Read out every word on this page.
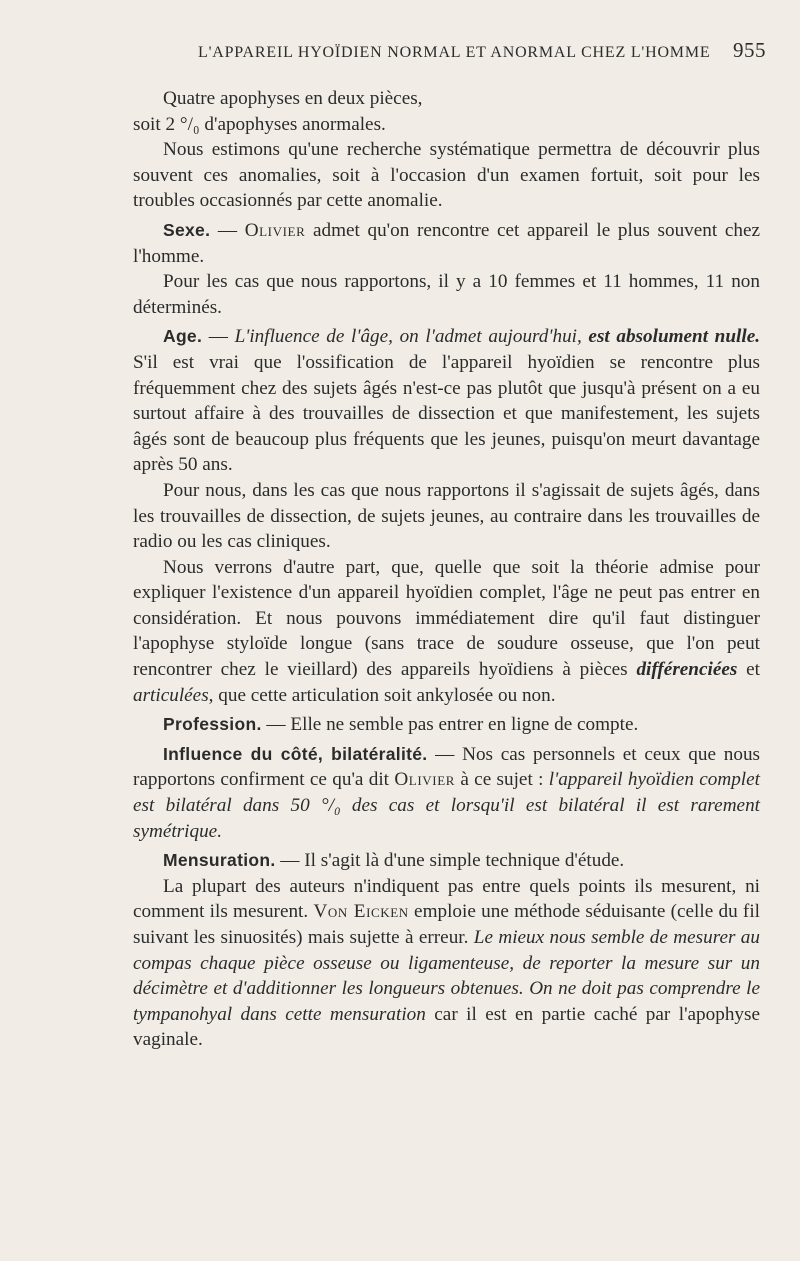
L'APPAREIL HYOÏDIEN NORMAL ET ANORMAL CHEZ L'HOMME 955

Quatre apophyses en deux pièces,

soit 2 °/₀ d'apophyses anormales.

Nous estimons qu'une recherche systématique permettra de découvrir plus souvent ces anomalies, soit à l'occasion d'un examen fortuit, soit pour les troubles occasionnés par cette anomalie.

Sexe. — Olivier admet qu'on rencontre cet appareil le plus souvent chez l'homme.

Pour les cas que nous rapportons, il y a 10 femmes et 11 hommes, 11 non déterminés.

Age. — L'influence de l'âge, on l'admet aujourd'hui, est absolument nulle. S'il est vrai que l'ossification de l'appareil hyoïdien se rencontre plus fréquemment chez des sujets âgés n'est-ce pas plutôt que jusqu'à présent on a eu surtout affaire à des trouvailles de dissection et que manifestement, les sujets âgés sont de beaucoup plus fréquents que les jeunes, puisqu'on meurt davantage après 50 ans.

Pour nous, dans les cas que nous rapportons il s'agissait de sujets âgés, dans les trouvailles de dissection, de sujets jeunes, au contraire dans les trouvailles de radio ou les cas cliniques.

Nous verrons d'autre part, que, quelle que soit la théorie admise pour expliquer l'existence d'un appareil hyoïdien complet, l'âge ne peut pas entrer en considération. Et nous pouvons immédiatement dire qu'il faut distinguer l'apophyse styloïde longue (sans trace de soudure osseuse, que l'on peut rencontrer chez le vieillard) des appareils hyoïdiens à pièces différenciées et articulées, que cette articulation soit ankylosée ou non.

Profession. — Elle ne semble pas entrer en ligne de compte.

Influence du côté, bilatéralité. — Nos cas personnels et ceux que nous rapportons confirment ce qu'a dit Olivier à ce sujet : l'appareil hyoïdien complet est bilatéral dans 50 °/₀ des cas et lorsqu'il est bilatéral il est rarement symétrique.

Mensuration. — Il s'agit là d'une simple technique d'étude.

La plupart des auteurs n'indiquent pas entre quels points ils mesurent, ni comment ils mesurent. Von Eicken emploie une méthode séduisante (celle du fil suivant les sinuosités) mais sujette à erreur. Le mieux nous semble de mesurer au compas chaque pièce osseuse ou ligamenteuse, de reporter la mesure sur un décimètre et d'additionner les longueurs obtenues. On ne doit pas comprendre le tympanohyal dans cette mensuration car il est en partie caché par l'apophyse vaginale.
